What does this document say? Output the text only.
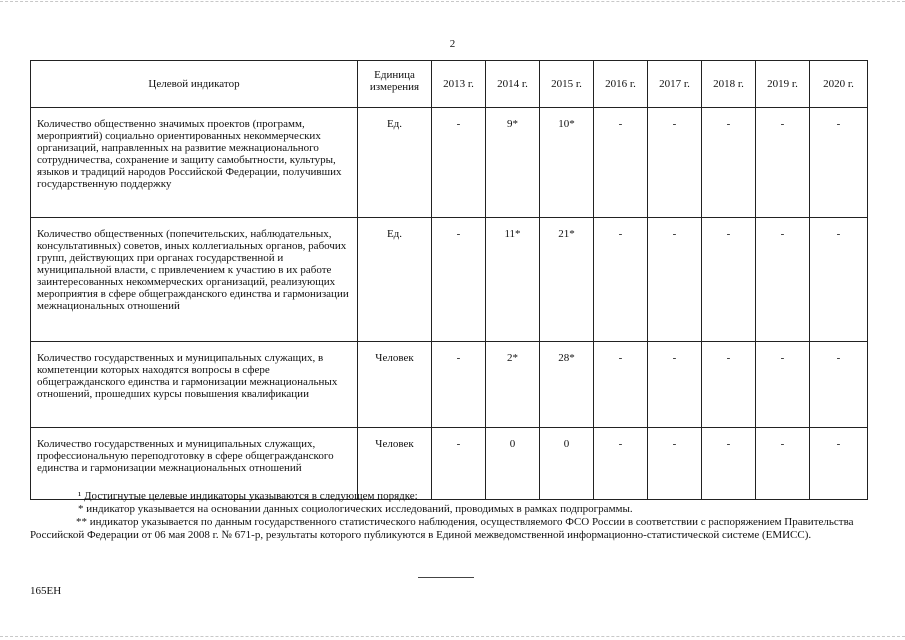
2
Целевой индикатор	Единица измерения	2013 г.	2014 г.	2015 г.	2016 г.	2017 г.	2018 г.	2019 г.	2020 г.
Количество общественно значимых проектов (программ, мероприятий) социально ориентированных некоммерческих организаций, направленных на развитие межнационального сотрудничества, сохранение и защиту самобытности, культуры, языков и традиций народов Российской Федерации, получивших государственную поддержку	Ед.	-	9*	10*	-	-	-	-	-
Количество общественных (попечительских, наблюдательных, консультативных) советов, иных коллегиальных органов, рабочих групп, действующих при органах государственной и муниципальной власти, с привлечением к участию в их работе заинтересованных некоммерческих организаций, реализующих мероприятия в сфере общегражданского единства и гармонизации межнациональных отношений	Ед.	-	11*	21*	-	-	-	-	-
Количество государственных и муниципальных служащих, в компетенции которых находятся вопросы в сфере общегражданского единства и гармонизации межнациональных отношений, прошедших курсы повышения квалификации	Человек	-	2*	28*	-	-	-	-	-
Количество государственных и муниципальных служащих, профессиональную переподготовку в сфере общегражданского единства и гармонизации межнациональных отношений	Человек	-	0	0	-	-	-	-	-

¹ Достигнутые целевые индикаторы указываются в следующем порядке:

* индикатор указывается на основании данных социологических исследований, проводимых в рамках подпрограммы.

** индикатор указывается по данным государственного статистического наблюдения, осуществляемого ФСО России в соответствии с распоряжением Правительства Российской Федерации от 06 мая 2008 г. № 671-р, результаты которого публикуются в Единой межведомственной информационно-статистической системе (ЕМИСС).

165EH
